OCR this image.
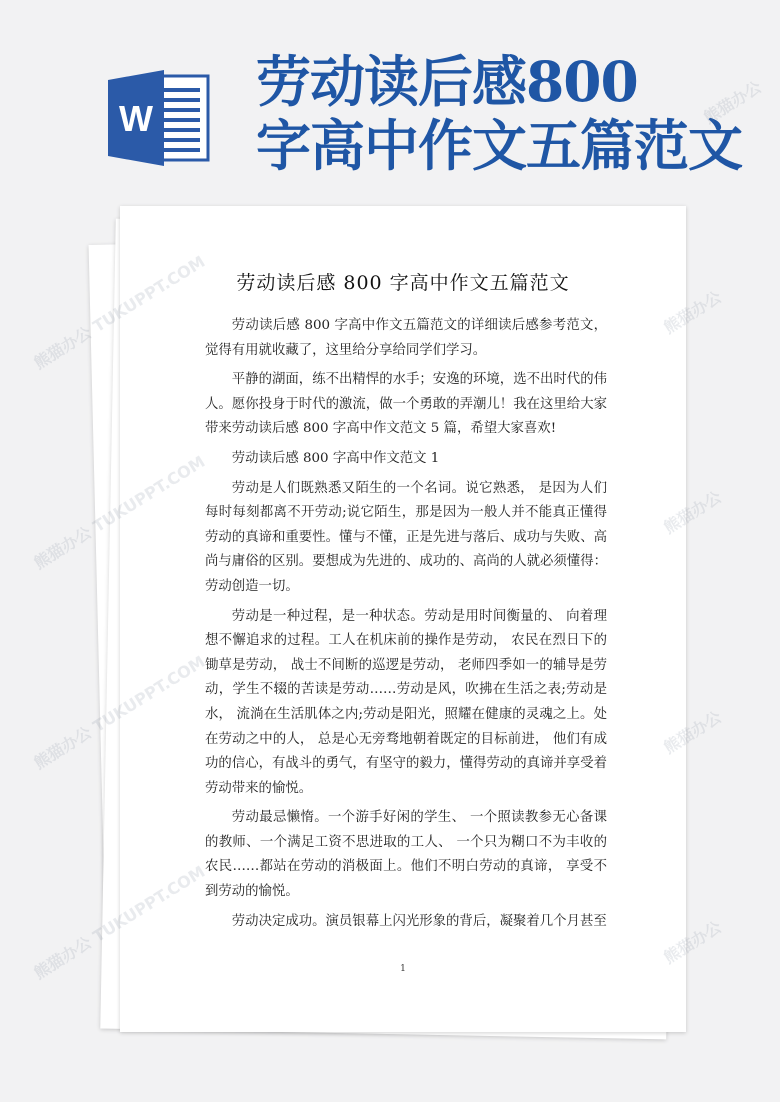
W
劳动读后感800
字高中作文五篇范文
劳动读后感 800 字高中作文五篇范文

劳动读后感 800 字高中作文五篇范文的详细读后感参考范文， 觉得有用就收藏了，这里给分享给同学们学习。

平静的湖面，练不出精悍的水手；安逸的环境，选不出时代的伟人。愿你投身于时代的激流，做一个勇敢的弄潮儿！我在这里给大家带来劳动读后感 800 字高中作文范文 5 篇，希望大家喜欢!

劳动读后感 800 字高中作文范文 1

劳动是人们既熟悉又陌生的一个名词。说它熟悉， 是因为人们每时每刻都离不开劳动;说它陌生，那是因为一般人并不能真正懂得劳动的真谛和重要性。懂与不懂，正是先进与落后、成功与失败、高尚与庸俗的区别。要想成为先进的、成功的、高尚的人就必须懂得：劳动创造一切。

劳动是一种过程，是一种状态。劳动是用时间衡量的、 向着理想不懈追求的过程。工人在机床前的操作是劳动， 农民在烈日下的锄草是劳动， 战士不间断的巡逻是劳动， 老师四季如一的辅导是劳动，学生不辍的苦读是劳动……劳动是风，吹拂在生活之表;劳动是水， 流淌在生活肌体之内;劳动是阳光，照耀在健康的灵魂之上。处在劳动之中的人， 总是心无旁骛地朝着既定的目标前进， 他们有成功的信心，有战斗的勇气，有坚守的毅力，懂得劳动的真谛并享受着劳动带来的愉悦。

劳动最忌懒惰。一个游手好闲的学生、 一个照读教参无心备课的教师、一个满足工资不思进取的工人、 一个只为糊口不为丰收的农民……都站在劳动的消极面上。他们不明白劳动的真谛， 享受不到劳动的愉悦。

劳动决定成功。演员银幕上闪光形象的背后，凝聚着几个月甚至

1
熊猫办公
熊猫办公
熊猫办公
熊猫办公
熊猫办公
熊猫办公
熊猫办公
熊猫办公
熊猫办公
